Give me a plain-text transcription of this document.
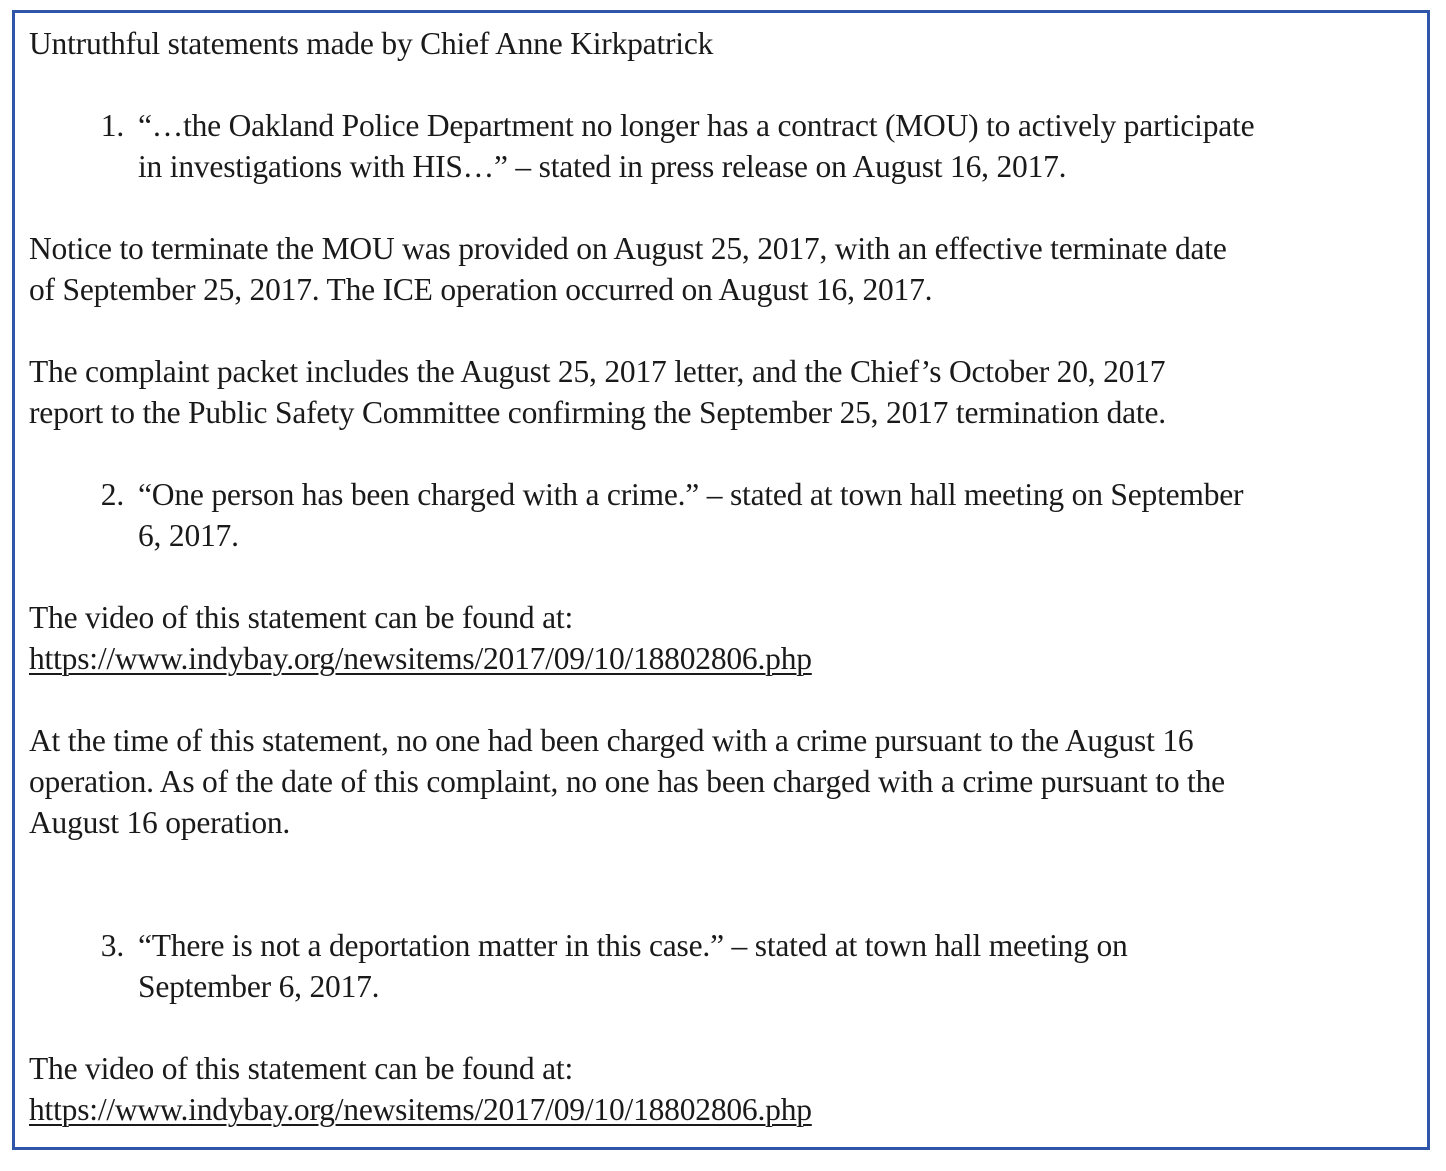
Untruthful statements made by Chief Anne Kirkpatrick
1. “…the Oakland Police Department no longer has a contract (MOU) to actively participate
in investigations with HIS…” – stated in press release on August 16, 2017.
Notice to terminate the MOU was provided on August 25, 2017, with an effective terminate date
of September 25, 2017. The ICE operation occurred on August 16, 2017.
The complaint packet includes the August 25, 2017 letter, and the Chief’s October 20, 2017
report to the Public Safety Committee confirming the September 25, 2017 termination date.
2. “One person has been charged with a crime.” – stated at town hall meeting on September
6, 2017.
The video of this statement can be found at:
https://www.indybay.org/newsitems/2017/09/10/18802806.php
At the time of this statement, no one had been charged with a crime pursuant to the August 16
operation. As of the date of this complaint, no one has been charged with a crime pursuant to the
August 16 operation.
3. “There is not a deportation matter in this case.” – stated at town hall meeting on
September 6, 2017.
The video of this statement can be found at:
https://www.indybay.org/newsitems/2017/09/10/18802806.php
